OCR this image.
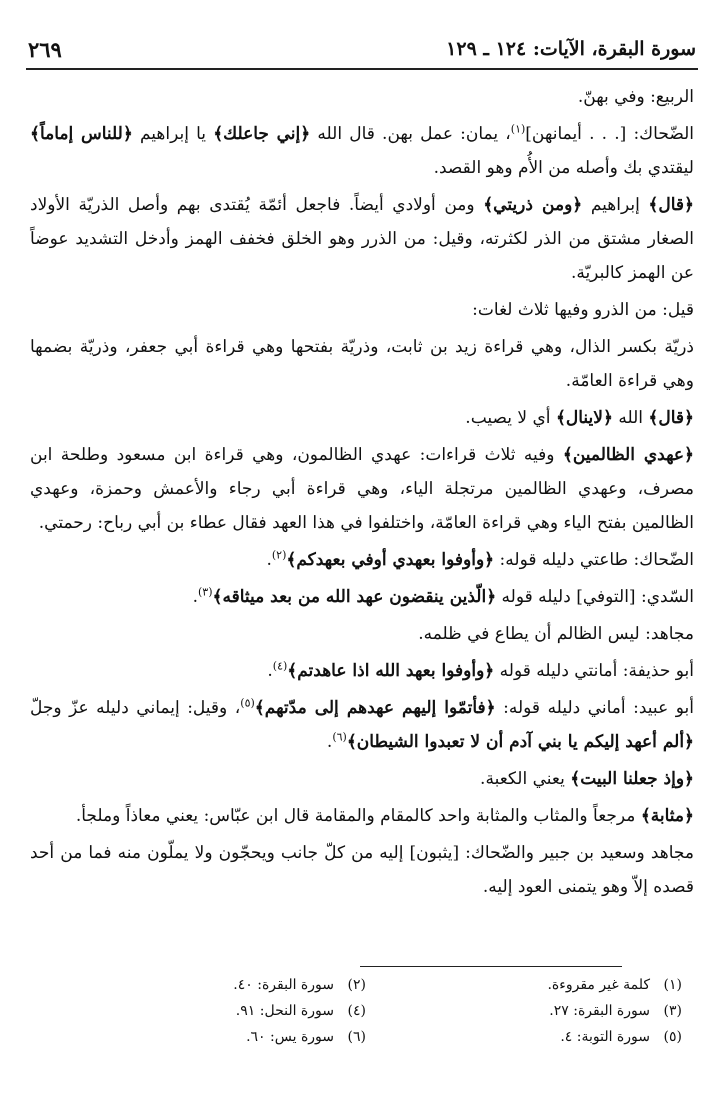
سورة البقرة، الآيات: ١٢٤ ـ ١٢٩
٢٦٩

الربيع: وفي بهنّ.

الضّحاك: [. . . أيمانهن]$^{(١)}$، يمان: عمل بهن. قال الله ﴿إني جاعلك﴾ يا إبراهيم ﴿للناس إماماً﴾ ليقتدي بك وأصله من الأُم وهو القصد.

﴿قال﴾ إبراهيم ﴿ومن ذريتي﴾ ومن أولادي أيضاً. فاجعل أئمّة يُقتدى بهم وأصل الذريّة الأولاد الصغار مشتق من الذر لكثرته، وقيل: من الذرر وهو الخلق فخفف الهمز وأدخل التشديد عوضاً عن الهمز كالبريّة.

قيل: من الذرو وفيها ثلاث لغات:

ذريّة بكسر الذال، وهي قراءة زيد بن ثابت، وذريّة بفتحها وهي قراءة أبي جعفر، وذريّة بضمها وهي قراءة العامّة.

﴿قال﴾ الله ﴿لاينال﴾ أي لا يصيب.

﴿عهدي الظالمين﴾ وفيه ثلاث قراءات: عهدي الظالمون، وهي قراءة ابن مسعود وطلحة ابن مصرف، وعهدي الظالمين مرتجلة الياء، وهي قراءة أبي رجاء والأعمش وحمزة، وعهدي الظالمين بفتح الياء وهي قراءة العامّة، واختلفوا في هذا العهد فقال عطاء بن أبي رباح: رحمتي.

الضّحاك: طاعتي دليله قوله: ﴿وأوفوا بعهدي أوفي بعهدكم﴾$^{(٢)}$.

السّدي: [التوفي] دليله قوله ﴿الّذين ينقضون عهد الله من بعد ميثاقه﴾$^{(٣)}$.

مجاهد: ليس الظالم أن يطاع في ظلمه.

أبو حذيفة: أمانتي دليله قوله ﴿وأوفوا بعهد الله اذا عاهدتم﴾$^{(٤)}$.

أبو عبيد: أماني دليله قوله: ﴿فأتمّوا إليهم عهدهم إلى مدّتهم﴾$^{(٥)}$، وقيل: إيماني دليله عزّ وجلّ ﴿ألم أعهد إليكم يا بني آدم أن لا تعبدوا الشيطان﴾$^{(٦)}$.

﴿وإذ جعلنا البيت﴾ يعني الكعبة.

﴿مثابة﴾ مرجعاً والمثاب والمثابة واحد كالمقام والمقامة قال ابن عبّاس: يعني معاذاً وملجأ.

مجاهد وسعيد بن جبير والضّحاك: [يثبون] إليه من كلّ جانب ويحجّون ولا يملّون منه فما من أحد قصده إلاّ وهو يتمنى العود إليه.

(١)كلمة غير مقروءة.
(٢)سورة البقرة: ٤٠.
(٣)سورة البقرة: ٢٧.
(٤)سورة النحل: ٩١.
(٥)سورة التوبة: ٤.
(٦)سورة يس: ٦٠.
